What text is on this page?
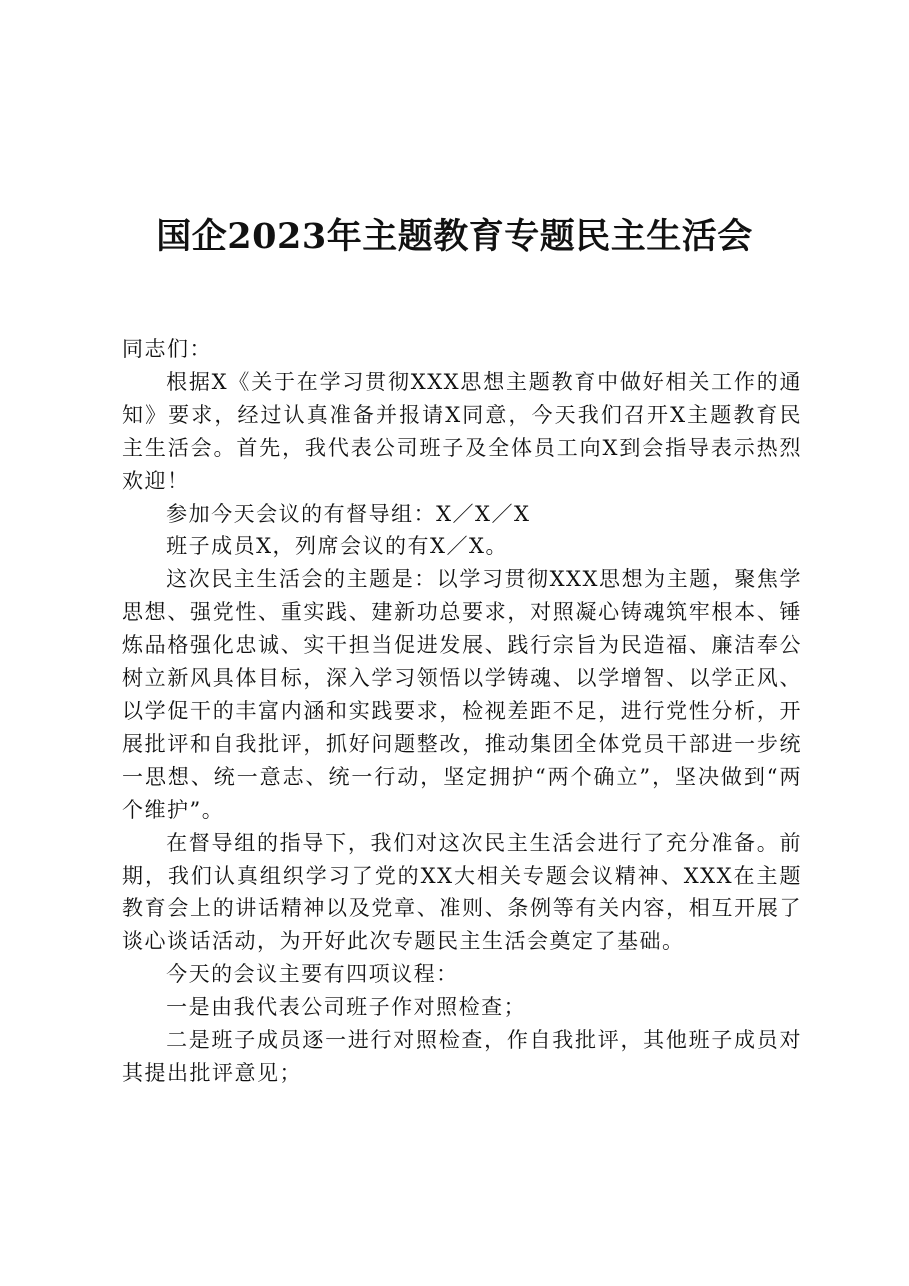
国企2023年主题教育专题民主生活会

同志们：

根据X《关于在学习贯彻XXX思想主题教育中做好相关工作的通知》要求，经过认真准备并报请X同意，今天我们召开X主题教育民主生活会。首先，我代表公司班子及全体员工向X到会指导表示热烈欢迎！

参加今天会议的有督导组：X／X／X

班子成员X，列席会议的有X／X。

这次民主生活会的主题是：以学习贯彻XXX思想为主题，聚焦学思想、强党性、重实践、建新功总要求，对照凝心铸魂筑牢根本、锤炼品格强化忠诚、实干担当促进发展、践行宗旨为民造福、廉洁奉公树立新风具体目标，深入学习领悟以学铸魂、以学增智、以学正风、以学促干的丰富内涵和实践要求，检视差距不足，进行党性分析，开展批评和自我批评，抓好问题整改，推动集团全体党员干部进一步统一思想、统一意志、统一行动，坚定拥护“两个确立”，坚决做到“两个维护”。

在督导组的指导下，我们对这次民主生活会进行了充分准备。前期，我们认真组织学习了党的XX大相关专题会议精神、XXX在主题教育会上的讲话精神以及党章、准则、条例等有关内容，相互开展了谈心谈话活动，为开好此次专题民主生活会奠定了基础。

今天的会议主要有四项议程：

一是由我代表公司班子作对照检查；

二是班子成员逐一进行对照检查，作自我批评，其他班子成员对其提出批评意见；
